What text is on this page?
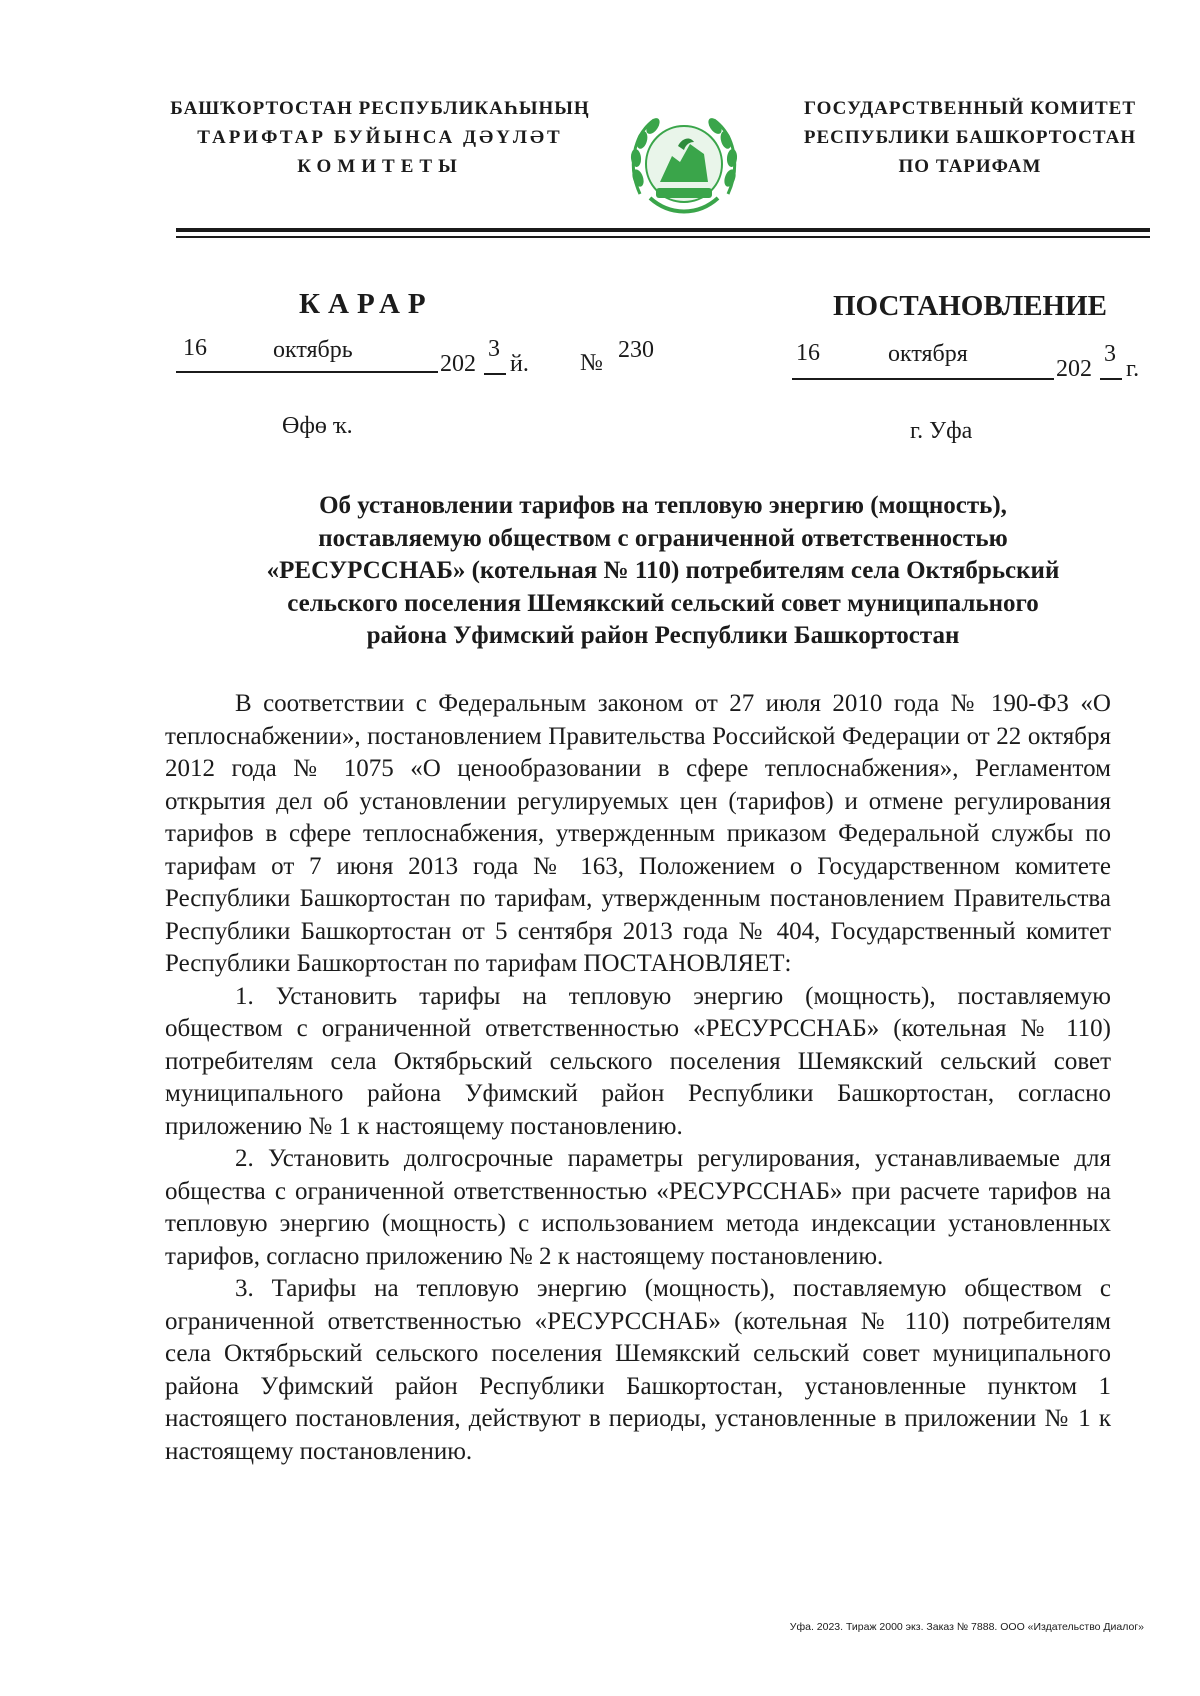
БАШҠОРТОСТАН РЕСПУБЛИКАҺЫНЫҢ
ТАРИФТАР БУЙЫНСА ДӘҮЛӘТ
КОМИТЕТЫ
ГОСУДАРСТВЕННЫЙ КОМИТЕТ
РЕСПУБЛИКИ БАШКОРТОСТАН
ПО ТАРИФАМ
КАРАР	ПОСТАНОВЛЕНИЕ
16	октябрь
202
3
й. № 230	16	октября
202
3
г.
Өфө ҡ.	г. Уфа
Об установлении тарифов на тепловую энергию (мощность),
поставляемую обществом с ограниченной ответственностью
«РЕСУРССНАБ» (котельная № 110) потребителям села Октябрьский
сельского поселения Шемякский сельский совет муниципального
района Уфимский район Республики Башкортостан

В соответствии с Федеральным законом от 27 июля 2010 года № 190-ФЗ «О теплоснабжении», постановлением Правительства Российской Федерации от 22 октября 2012 года № 1075 «О ценообразовании в сфере теплоснабжения», Регламентом открытия дел об установлении регулируемых цен (тарифов) и отмене регулирования тарифов в сфере теплоснабжения, утвержденным приказом Федеральной службы по тарифам от 7 июня 2013 года № 163, Положением о Государственном комитете Республики Башкортостан по тарифам, утвержденным постановлением Правительства Республики Башкортостан от 5 сентября 2013 года № 404, Государственный комитет Республики Башкортостан по тарифам ПОСТАНОВЛЯЕТ:

1. Установить тарифы на тепловую энергию (мощность), поставляемую обществом с ограниченной ответственностью «РЕСУРССНАБ» (котельная № 110) потребителям села Октябрьский сельского поселения Шемякский сельский совет муниципального района Уфимский район Республики Башкортостан, согласно приложению № 1 к настоящему постановлению.

2. Установить долгосрочные параметры регулирования, устанавливаемые для общества с ограниченной ответственностью «РЕСУРССНАБ» при расчете тарифов на тепловую энергию (мощность) с использованием метода индексации установленных тарифов, согласно приложению № 2 к настоящему постановлению.

3. Тарифы на тепловую энергию (мощность), поставляемую обществом с ограниченной ответственностью «РЕСУРССНАБ» (котельная № 110) потребителям села Октябрьский сельского поселения Шемякский сельский совет муниципального района Уфимский район Республики Башкортостан, установленные пунктом 1 настоящего постановления, действуют в периоды, установленные в приложении № 1 к настоящему постановлению.

Уфа. 2023. Тираж 2000 экз. Заказ № 7888. ООО «Издательство Диалог»
